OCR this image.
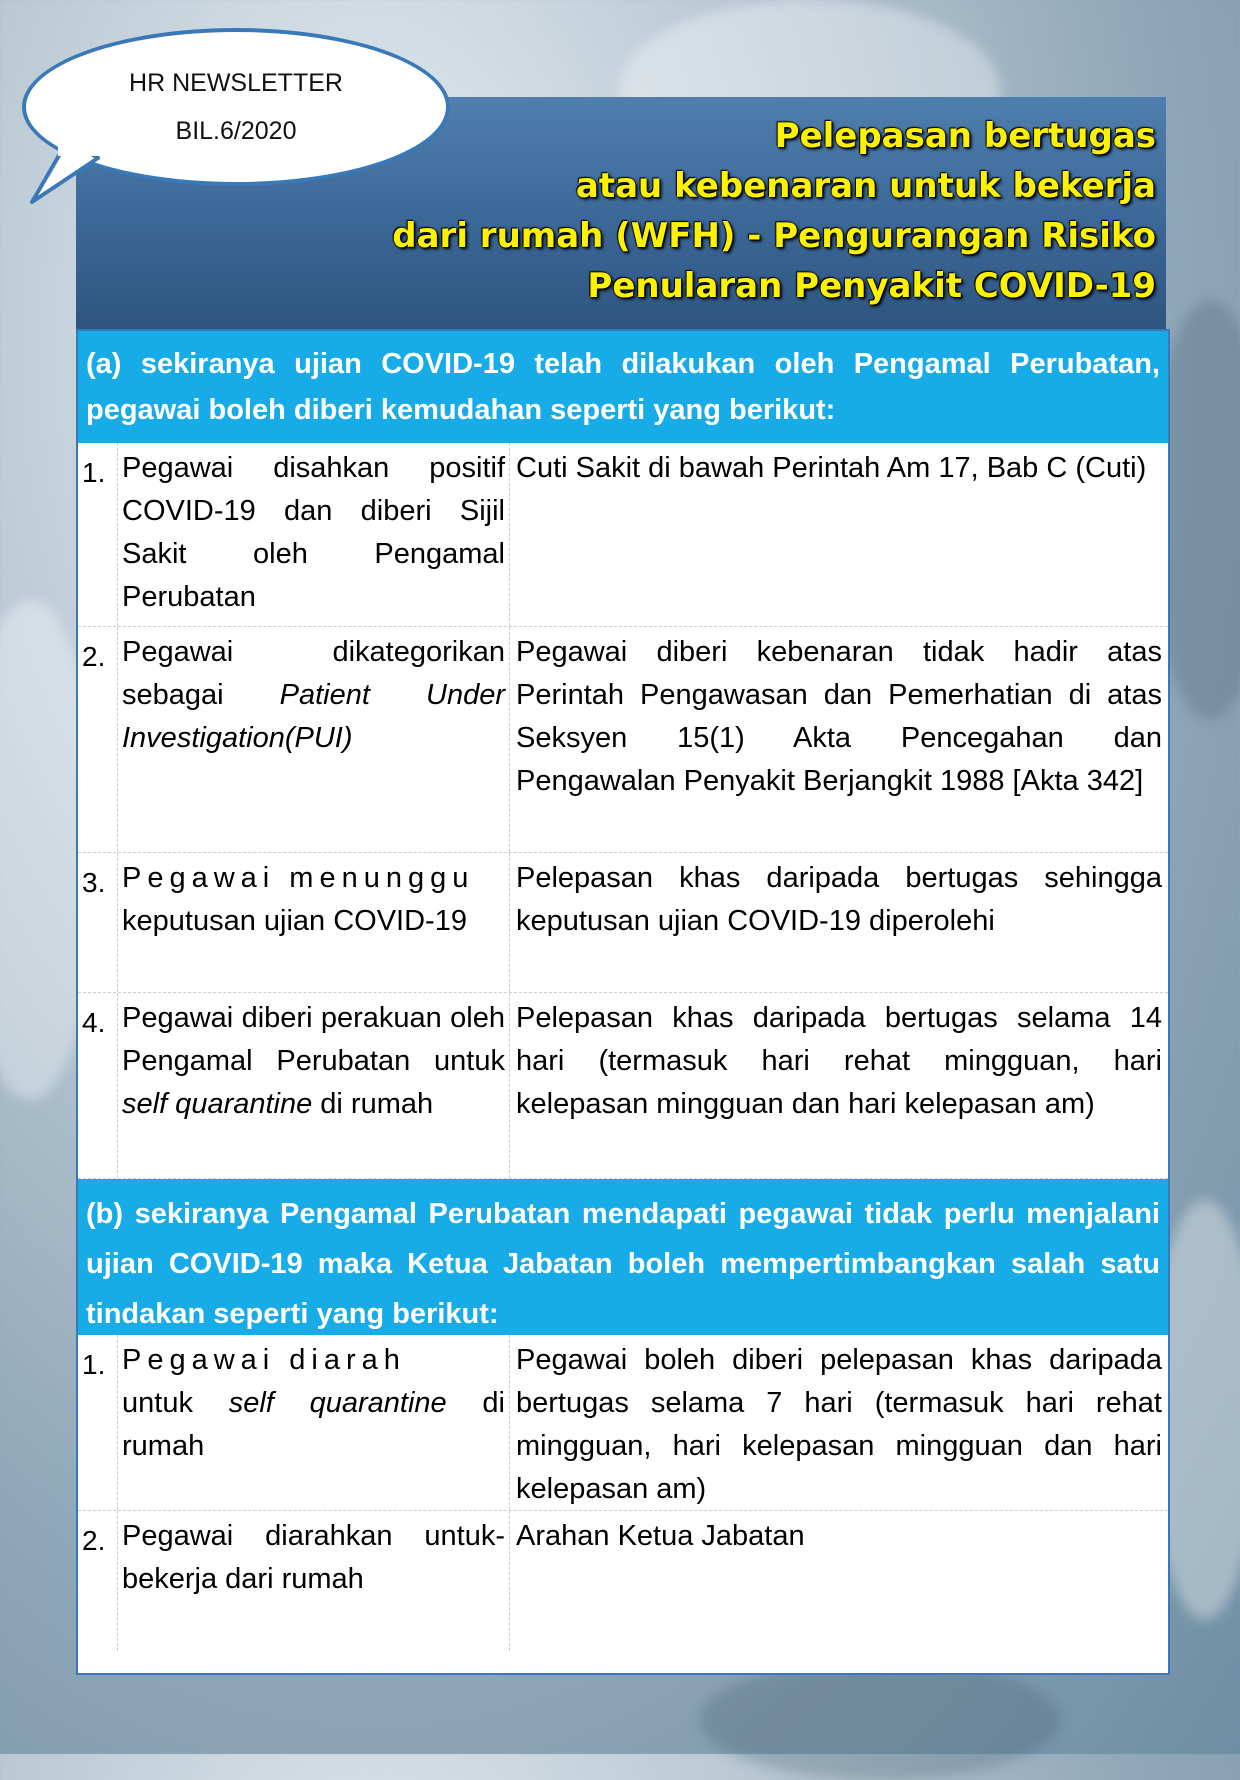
HR NEWSLETTER
BIL.6/2020	Pelepasan bertugas
atau kebenaran untuk bekerja
dari rumah (WFH) - Pengurangan Risiko
Penularan Penyakit COVID-19
(a) sekiranya ujian COVID-19 telah dilakukan oleh Pengamal Perubatan, pegawai boleh diberi kemudahan seperti yang berikut:
1. Pegawai disahkan positif COVID-19 dan diberi Sijil Sakit oleh Pengamal Perubatan
Cuti Sakit di bawah Perintah Am 17, Bab C (Cuti)
2. Pegawai dikategorikan sebagai Patient Under Investigation(PUI)
Pegawai diberi kebenaran tidak hadir atas Perintah Pengawasan dan Pemerhatian di atas Seksyen 15(1) Akta Pencegahan dan Pengawalan Penyakit Berjangkit 1988 [Akta 342]
3. Pegawai menunggu
keputusan ujian COVID-19
Pelepasan khas daripada bertugas sehingga keputusan ujian COVID-19 diperolehi
4. Pegawai diberi perakuan oleh Pengamal Perubatan untuk self quarantine di rumah
Pelepasan khas daripada bertugas selama 14 hari (termasuk hari rehat mingguan, hari kelepasan mingguan dan hari kelepasan am)
(b) sekiranya Pengamal Perubatan mendapati pegawai tidak perlu menjalani ujian COVID-19 maka Ketua Jabatan boleh mempertimbangkan salah satu tindakan seperti yang berikut:
1. Pegawai diarah
untuk self quarantine di rumah
Pegawai boleh diberi pelepasan khas daripada bertugas selama 7 hari (termasuk hari rehat mingguan, hari kelepasan mingguan dan hari kelepasan am)
2. Pegawai diarahkan untuk-bekerja dari rumah
Arahan Ketua Jabatan
